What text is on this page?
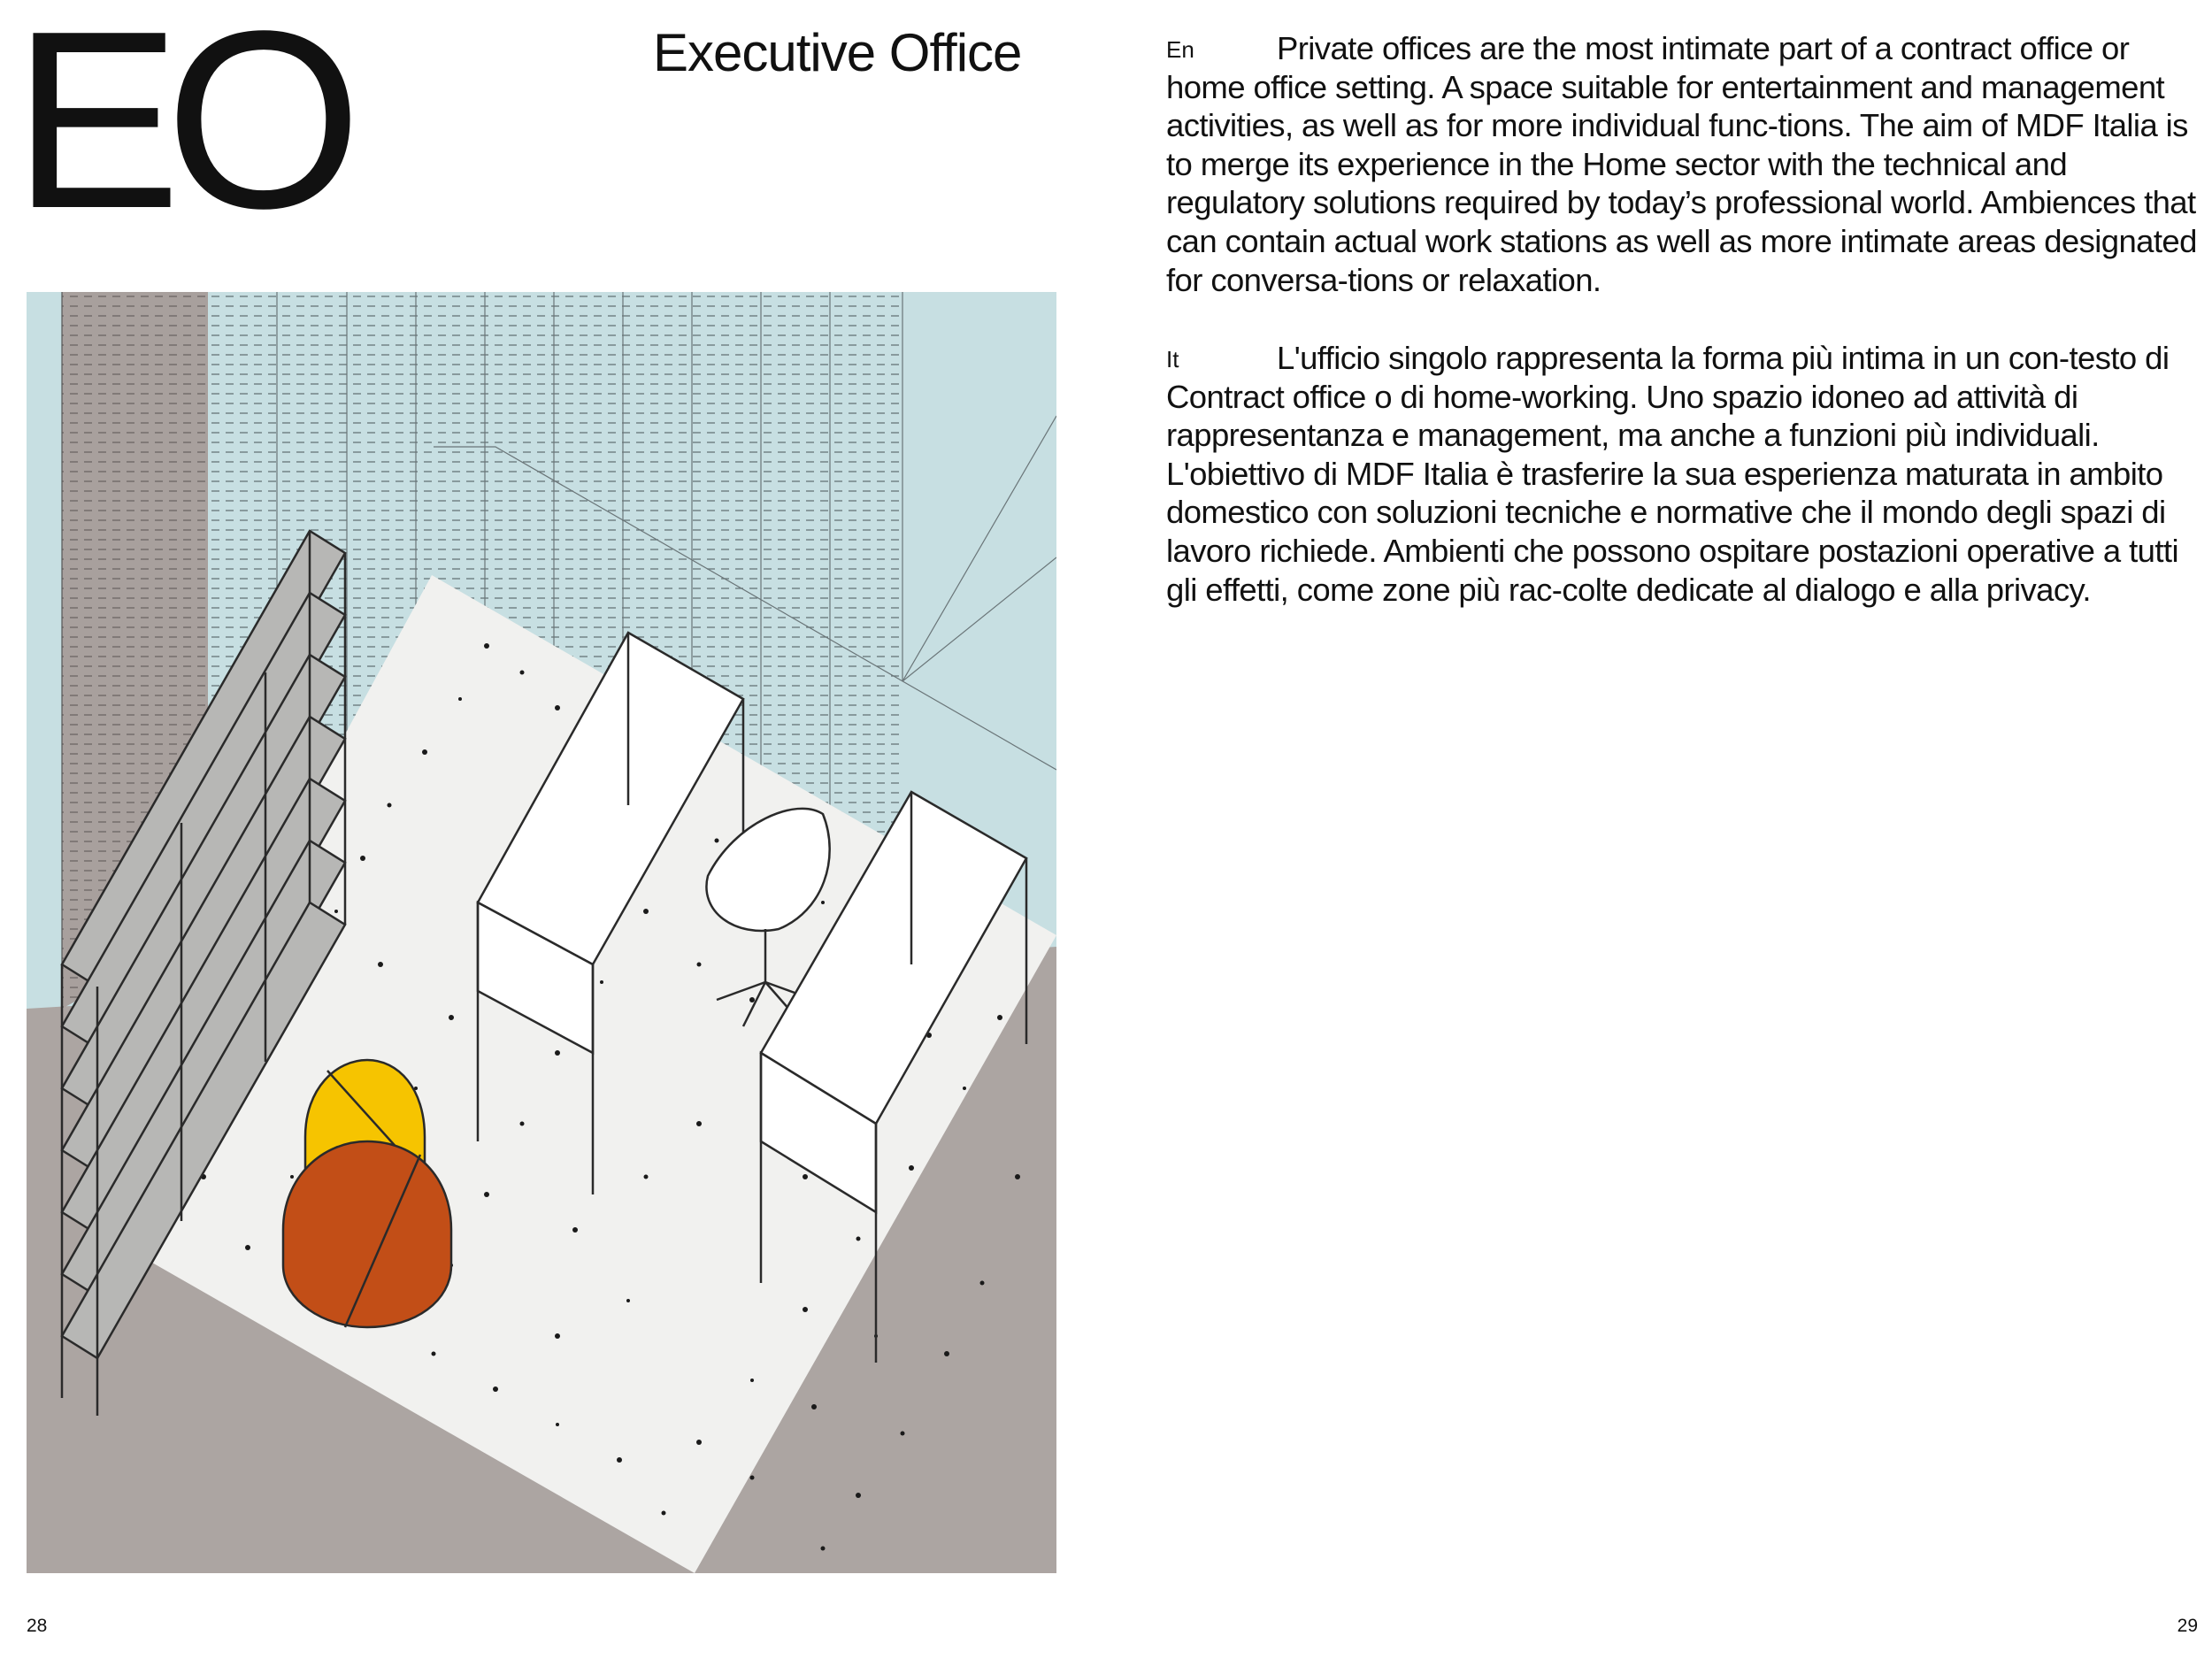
EO	Executive Office	En	Private offices are the most intimate part of a contract office or home office setting. A space suitable for entertainment and management activities, as well as for more individual func-tions. The aim of MDF Italia is to merge its experience in the Home sector with the technical and regulatory solutions required by today’s professional world. Ambiences that can contain actual work stations as well as more intimate areas designated for conversa-tions or relaxation.

It	L'ufficio singolo rappresenta la forma più intima in un con-testo di Contract office o di home-working. Uno spazio idoneo ad attività di rappresentanza e management, ma anche a funzioni più individuali. L'obiettivo di MDF Italia è trasferire la sua esperienza maturata in ambito domestico con soluzioni tecniche e normative che il mondo degli spazi di lavoro richiede. Ambienti che possono ospitare postazioni operative a tutti gli effetti, come zone più rac-colte dedicate al dialogo e alla privacy.

28	29
